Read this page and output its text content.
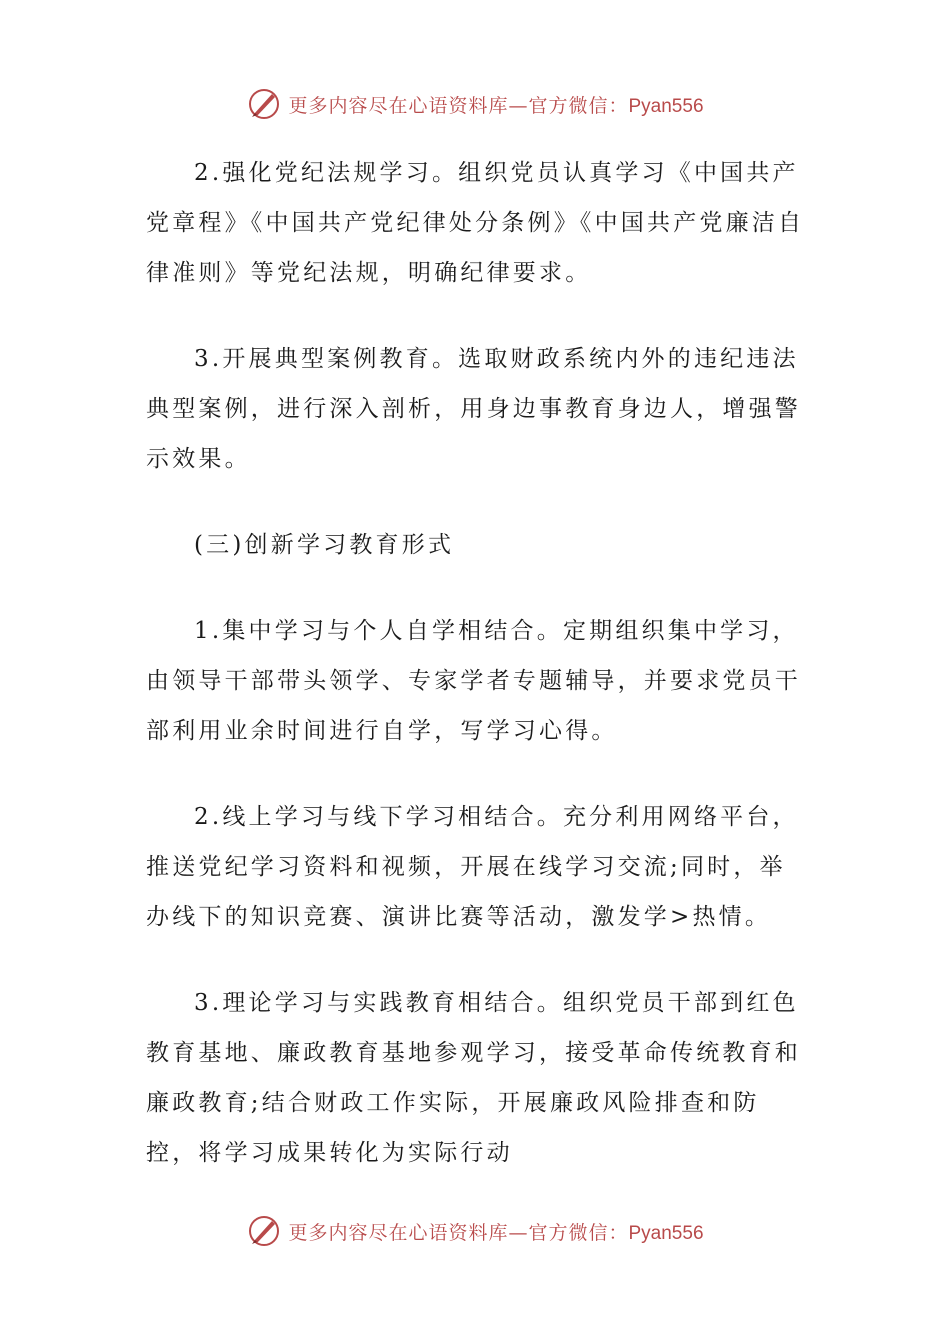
更多内容尽在心语资料库—官方微信：Pyan556

2.强化党纪法规学习。组织党员认真学习《中国共产党章程》《中国共产党纪律处分条例》《中国共产党廉洁自律准则》等党纪法规，明确纪律要求。

3.开展典型案例教育。选取财政系统内外的违纪违法典型案例，进行深入剖析，用身边事教育身边人，增强警示效果。

(三)创新学习教育形式

1.集中学习与个人自学相结合。定期组织集中学习，由领导干部带头领学、专家学者专题辅导，并要求党员干部利用业余时间进行自学，写学习心得。

2.线上学习与线下学习相结合。充分利用网络平台，推送党纪学习资料和视频，开展在线学习交流;同时，举办线下的知识竞赛、演讲比赛等活动，激发学>热情。

3.理论学习与实践教育相结合。组织党员干部到红色教育基地、廉政教育基地参观学习，接受革命传统教育和廉政教育;结合财政工作实际，开展廉政风险排查和防控，将学习成果转化为实际行动

更多内容尽在心语资料库—官方微信：Pyan556
